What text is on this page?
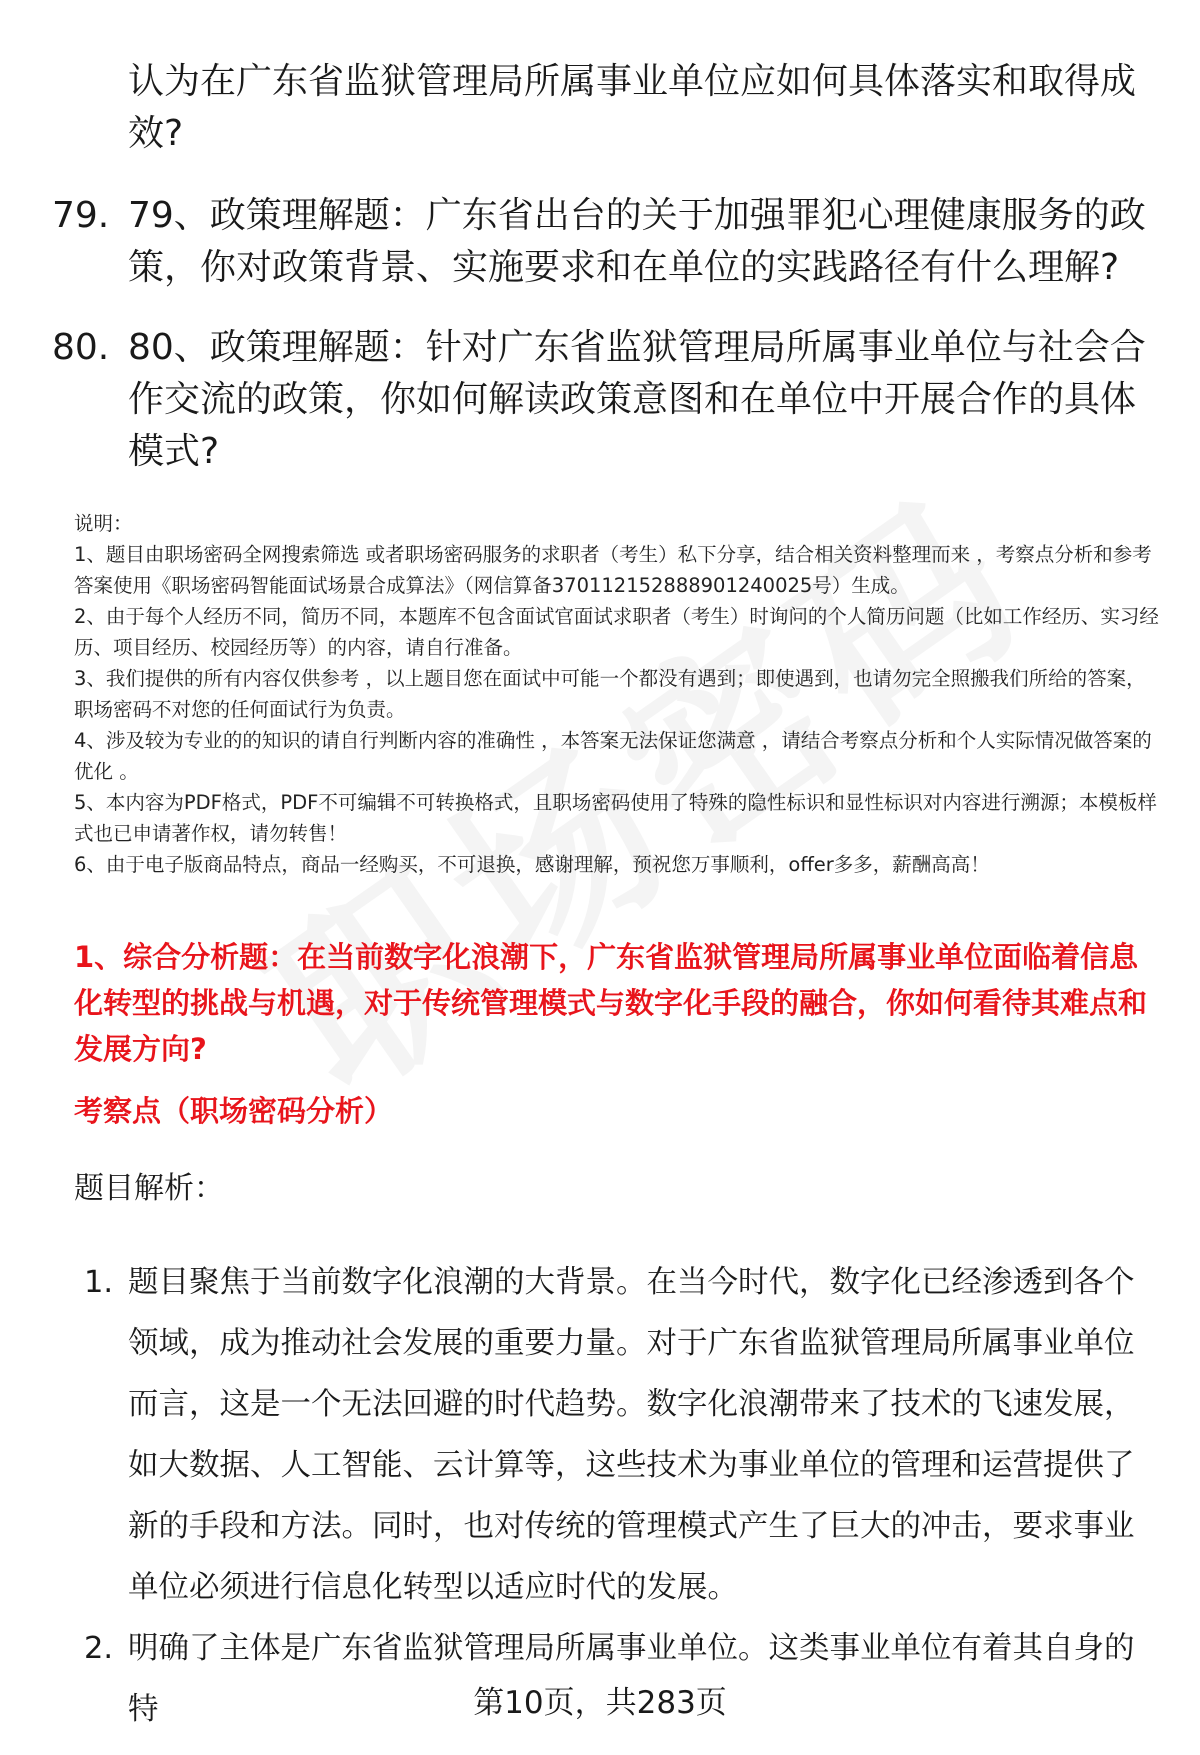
认为在广东省监狱管理局所属事业单位应如何具体落实和取得成效?
79. 79、政策理解题：广东省出台的关于加强罪犯心理健康服务的政策，你对政策背景、实施要求和在单位的实践路径有什么理解?
80. 80、政策理解题：针对广东省监狱管理局所属事业单位与社会合作交流的政策，你如何解读政策意图和在单位中开展合作的具体模式?

说明：

1、题目由职场密码全网搜索筛选 或者职场密码服务的求职者（考生）私下分享，结合相关资料整理而来 ，考察点分析和参考答案使用《职场密码智能面试场景合成算法》（网信算备370112152888901240025号）生成。

2、由于每个人经历不同，简历不同，本题库不包含面试官面试求职者（考生）时询问的个人简历问题（比如工作经历、实习经历、项目经历、校园经历等）的内容，请自行准备。

3、我们提供的所有内容仅供参考 ，以上题目您在面试中可能一个都没有遇到；即使遇到，也请勿完全照搬我们所给的答案，职场密码不对您的任何面试行为负责。

4、涉及较为专业的的知识的请自行判断内容的准确性 ，本答案无法保证您满意 ，请结合考察点分析和个人实际情况做答案的优化 。

5、本内容为PDF格式，PDF不可编辑不可转换格式，且职场密码使用了特殊的隐性标识和显性标识对内容进行溯源；本模板样式也已申请著作权，请勿转售！

6、由于电子版商品特点，商品一经购买，不可退换，感谢理解，预祝您万事顺利，offer多多，薪酬高高！

1、综合分析题：在当前数字化浪潮下，广东省监狱管理局所属事业单位面临着信息化转型的挑战与机遇，对于传统管理模式与数字化手段的融合，你如何看待其难点和发展方向?

考察点（职场密码分析）

题目解析：

1. 题目聚焦于当前数字化浪潮的大背景。在当今时代，数字化已经渗透到各个领域，成为推动社会发展的重要力量。对于广东省监狱管理局所属事业单位而言，这是一个无法回避的时代趋势。数字化浪潮带来了技术的飞速发展，如大数据、人工智能、云计算等，这些技术为事业单位的管理和运营提供了新的手段和方法。同时，也对传统的管理模式产生了巨大的冲击，要求事业单位必须进行信息化转型以适应时代的发展。
2. 明确了主体是广东省监狱管理局所属事业单位。这类事业单位有着其自身的特	第10页，共283页
